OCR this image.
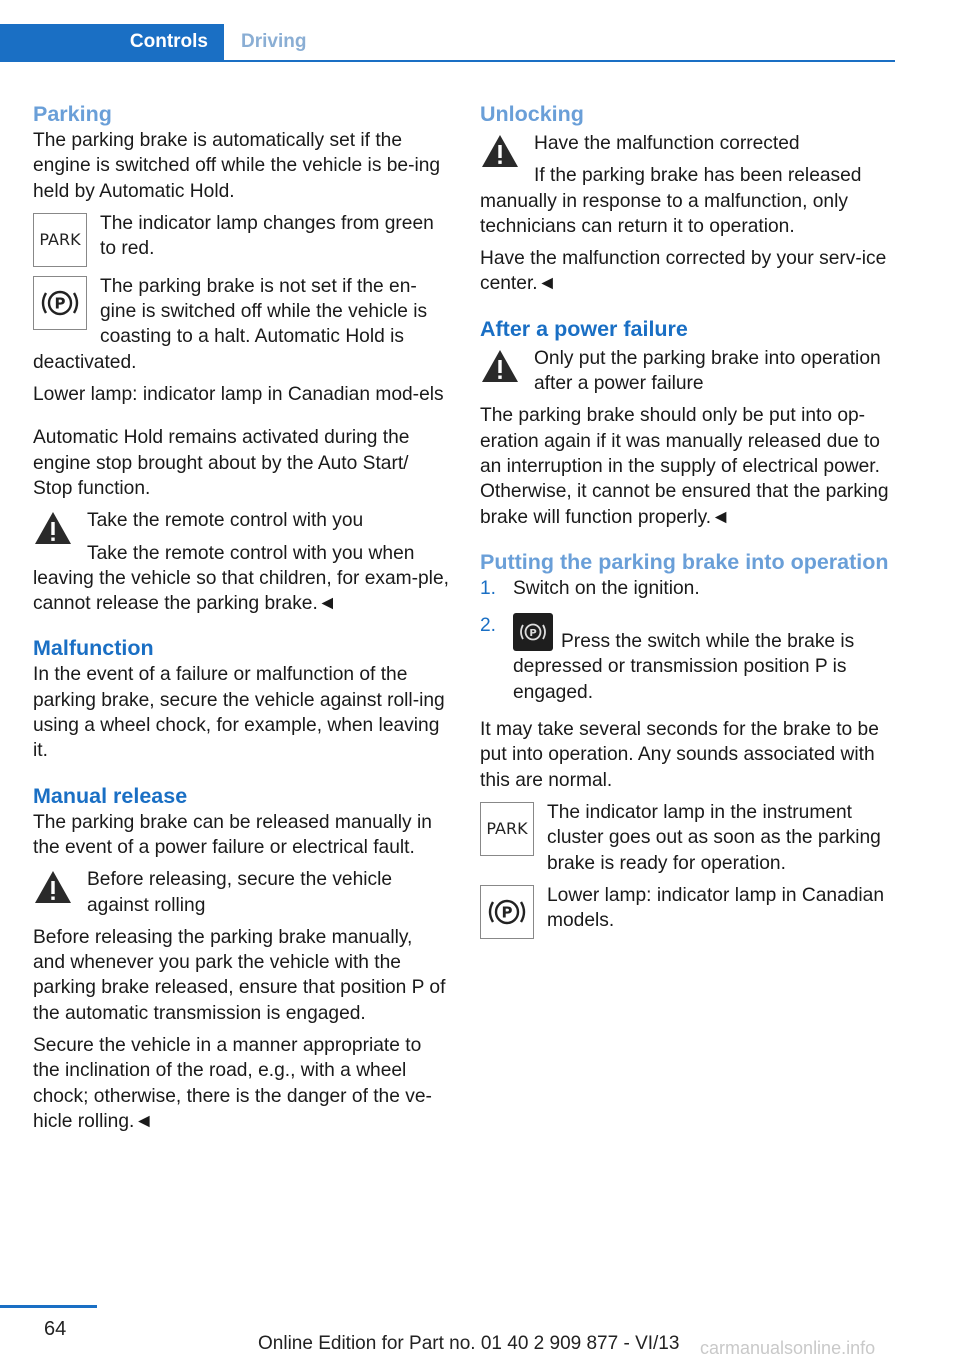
Controls	Driving
Parking

The parking brake is automatically set if the engine is switched off while the vehicle is be-ing held by Automatic Hold.

PARK
The indicator lamp changes from green to red.
P
The parking brake is not set if the en-gine is switched off while the vehicle is coasting to a halt. Automatic Hold is

deactivated.

Lower lamp: indicator lamp in Canadian mod-els

Automatic Hold remains activated during the engine stop brought about by the Auto Start/ Stop function.

Take the remote control with you

Take the remote control with you when

leaving the vehicle so that children, for exam-ple, cannot release the parking brake.◄

Malfunction

In the event of a failure or malfunction of the parking brake, secure the vehicle against roll-ing using a wheel chock, for example, when leaving it.

Manual release

The parking brake can be released manually in the event of a power failure or electrical fault.

Before releasing, secure the vehicle against rolling

Before releasing the parking brake manually, and whenever you park the vehicle with the parking brake released, ensure that position P of the automatic transmission is engaged.

Secure the vehicle in a manner appropriate to the inclination of the road, e.g., with a wheel chock; otherwise, there is the danger of the ve-hicle rolling.◄

Unlocking

Have the malfunction corrected

If the parking brake has been released

manually in response to a malfunction, only technicians can return it to operation.

Have the malfunction corrected by your serv-ice center.◄

After a power failure

Only put the parking brake into operation after a power failure

The parking brake should only be put into op-eration again if it was manually released due to an interruption in the supply of electrical power. Otherwise, it cannot be ensured that the parking brake will function properly.◄

Putting the parking brake into operation
1. Switch on the ignition.
2.	P Press the switch while the brake is depressed or transmission position P is engaged.

It may take several seconds for the brake to be put into operation. Any sounds associated with this are normal.

PARK
The indicator lamp in the instrument cluster goes out as soon as the parking brake is ready for operation.
P
Lower lamp: indicator lamp in Canadian models.
64
Online Edition for Part no. 01 40 2 909 877 - VI/13 carmanualsonline.info
